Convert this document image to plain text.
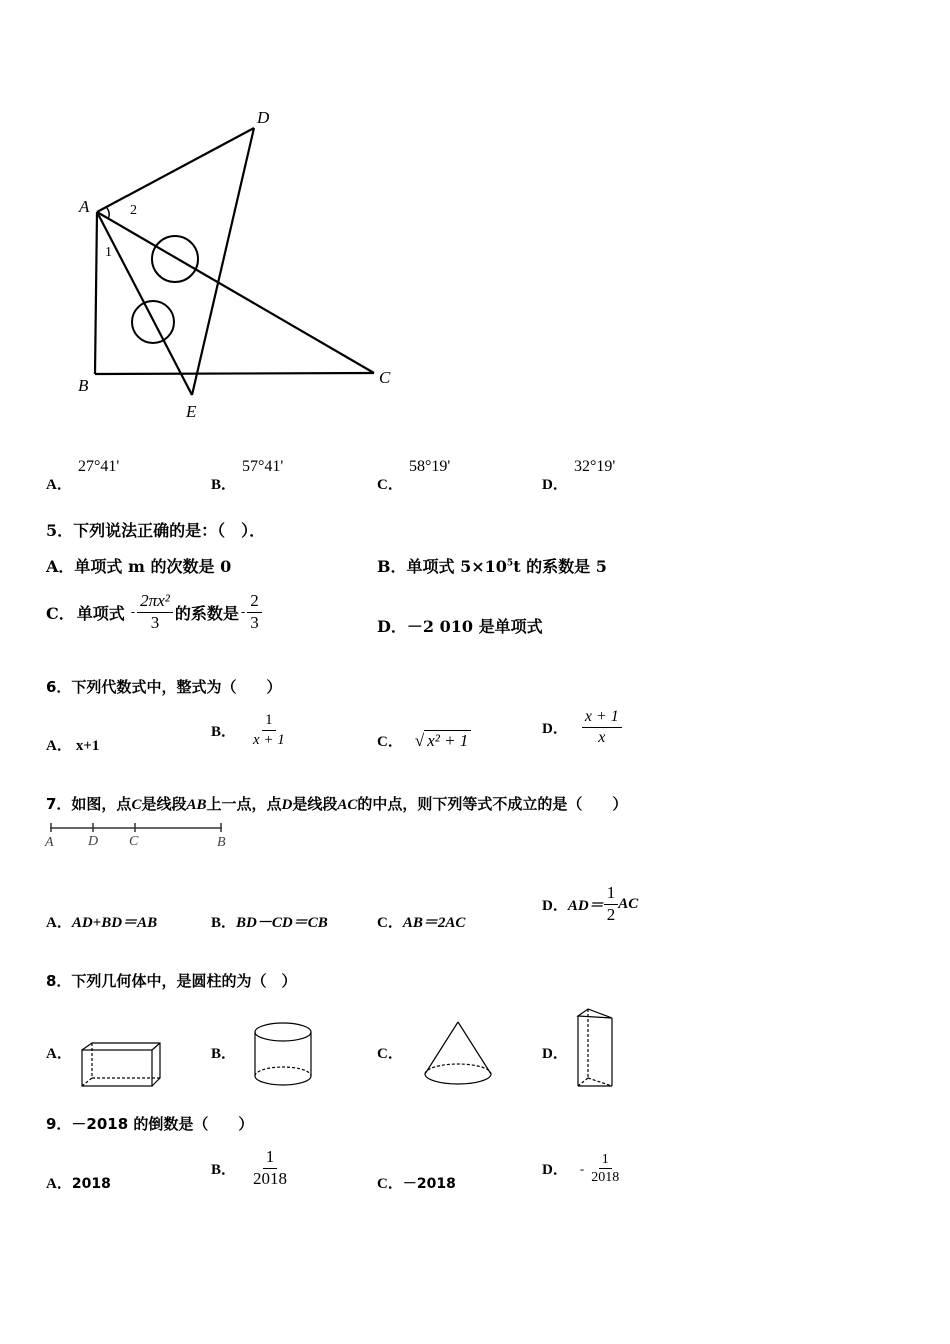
A
B	C
D
E
2
1
A．
27°41'
B．
57°41'
C．
58°19'
D．
32°19'
5．下列说法正确的是：（　）．
A．单项式 m 的次数是 0	B．单项式 $5\times 10^5t$ 的系数是 5
C． 单项式 - $\frac{\text{2πx²}}{3}$ 的系数是 - $\frac{2}{3}$	D．－2 010 是单项式
6．下列代数式中，整式为（　　）
A． x+1
B． $\frac{1}{x + 1}$	C． √ x² + 1
D． $\frac{x + 1}{x}$
7．如图，点C是线段AB上一点，点D是线段AC的中点，则下列等式不成立的是（　　）
A D C	B
A．AD+BD＝AB	B．BD－CD＝CB	C．AB＝2AC
D． $AD= \frac{1}{2}$ AC
8．下列几何体中，是圆柱的为（　）
A．	B．	C．	D．
9．－2018 的倒数是（　　）
A．2018
B． $\frac{1}{2018}$	C．－2018
D． - $\frac{1}{2018}$
